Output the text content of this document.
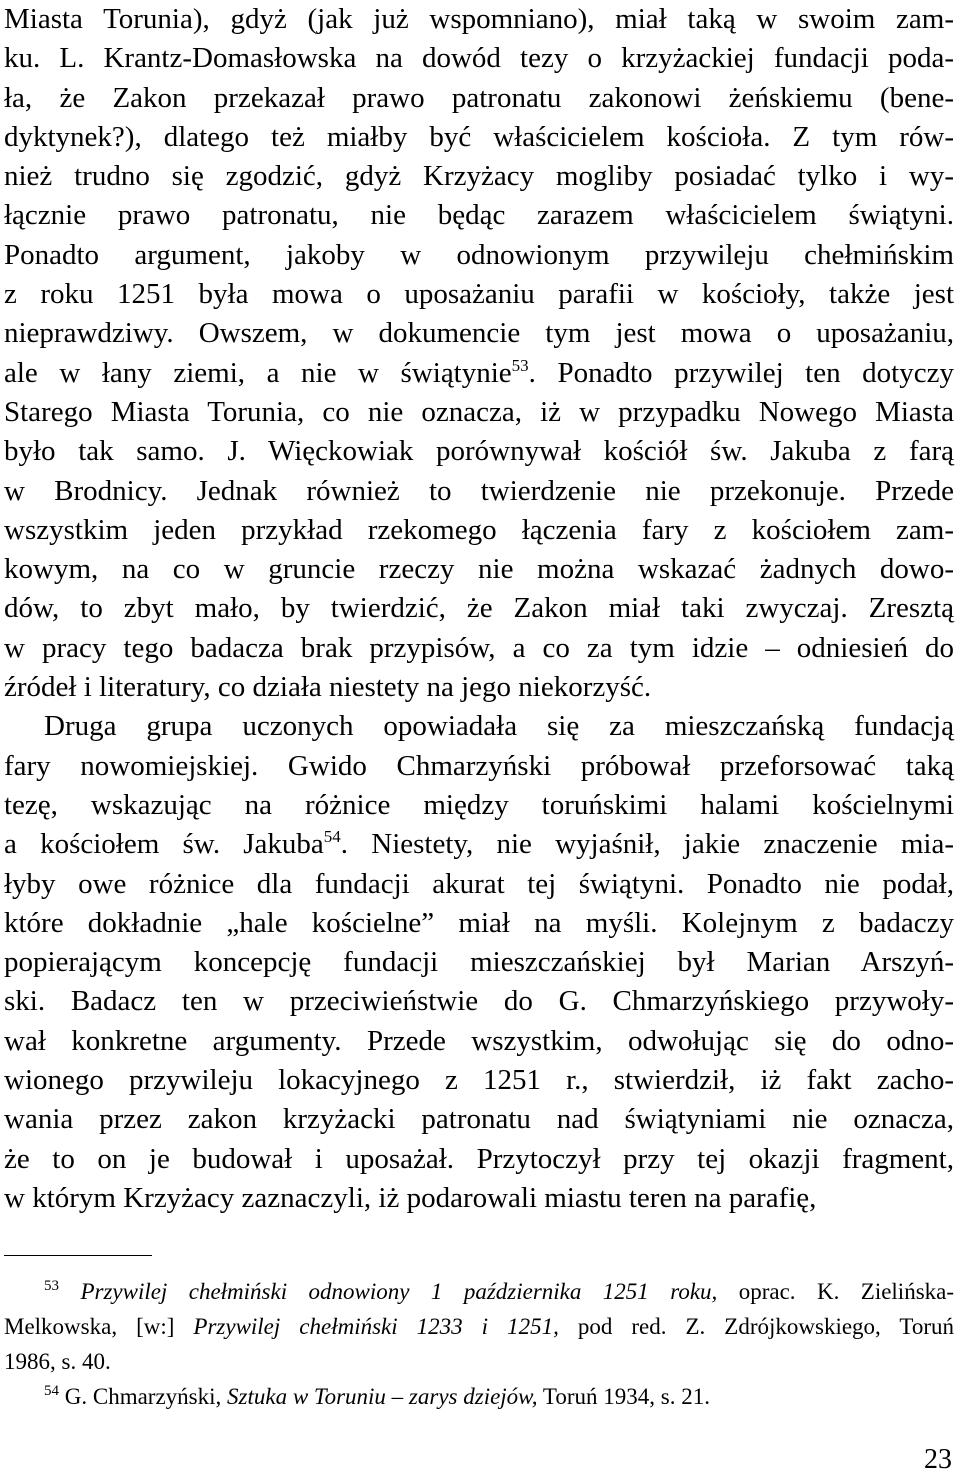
Miasta Torunia), gdyż (jak już wspomniano), miał taką w swoim zam-
ku. L. Krantz-Domasłowska na dowód tezy o krzyżackiej fundacji poda-
ła, że Zakon przekazał prawo patronatu zakonowi żeńskiemu (bene-
dyktynek?), dlatego też miałby być właścicielem kościoła. Z tym rów-
nież trudno się zgodzić, gdyż Krzyżacy mogliby posiadać tylko i wy-
łącznie prawo patronatu, nie będąc zarazem właścicielem świątyni.
Ponadto argument, jakoby w odnowionym przywileju chełmińskim
z roku 1251 była mowa o uposażaniu parafii w kościoły, także jest
nieprawdziwy. Owszem, w dokumencie tym jest mowa o uposażaniu,
ale w łany ziemi, a nie w świątynie$^{53}$. Ponadto przywilej ten dotyczy
Starego Miasta Torunia, co nie oznacza, iż w przypadku Nowego Miasta
było tak samo. J. Więckowiak porównywał kościół św. Jakuba z farą
w Brodnicy. Jednak również to twierdzenie nie przekonuje. Przede
wszystkim jeden przykład rzekomego łączenia fary z kościołem zam-
kowym, na co w gruncie rzeczy nie można wskazać żadnych dowo-
dów, to zbyt mało, by twierdzić, że Zakon miał taki zwyczaj. Zresztą
w pracy tego badacza brak przypisów, a co za tym idzie – odniesień do
źródeł i literatury, co działa niestety na jego niekorzyść.
Druga grupa uczonych opowiadała się za mieszczańską fundacją
fary nowomiejskiej. Gwido Chmarzyński próbował przeforsować taką
tezę, wskazując na różnice między toruńskimi halami kościelnymi
a kościołem św. Jakuba$^{54}$. Niestety, nie wyjaśnił, jakie znaczenie mia-
łyby owe różnice dla fundacji akurat tej świątyni. Ponadto nie podał,
które dokładnie „hale kościelne” miał na myśli. Kolejnym z badaczy
popierającym koncepcję fundacji mieszczańskiej był Marian Arszyń-
ski. Badacz ten w przeciwieństwie do G. Chmarzyńskiego przywoły-
wał konkretne argumenty. Przede wszystkim, odwołując się do odno-
wionego przywileju lokacyjnego z 1251 r., stwierdził, iż fakt zacho-
wania przez zakon krzyżacki patronatu nad świątyniami nie oznacza,
że to on je budował i uposażał. Przytoczył przy tej okazji fragment,
w którym Krzyżacy zaznaczyli, iż podarowali miastu teren na parafię,
$^{53}$ Przywilej chełmiński odnowiony 1 października 1251 roku, oprac. K. Zielińska-
Melkowska, [w:] Przywilej chełmiński 1233 i 1251, pod red. Z. Zdrójkowskiego, Toruń
1986, s. 40.
$^{54}$ G. Chmarzyński, Sztuka w Toruniu – zarys dziejów, Toruń 1934, s. 21.
23
